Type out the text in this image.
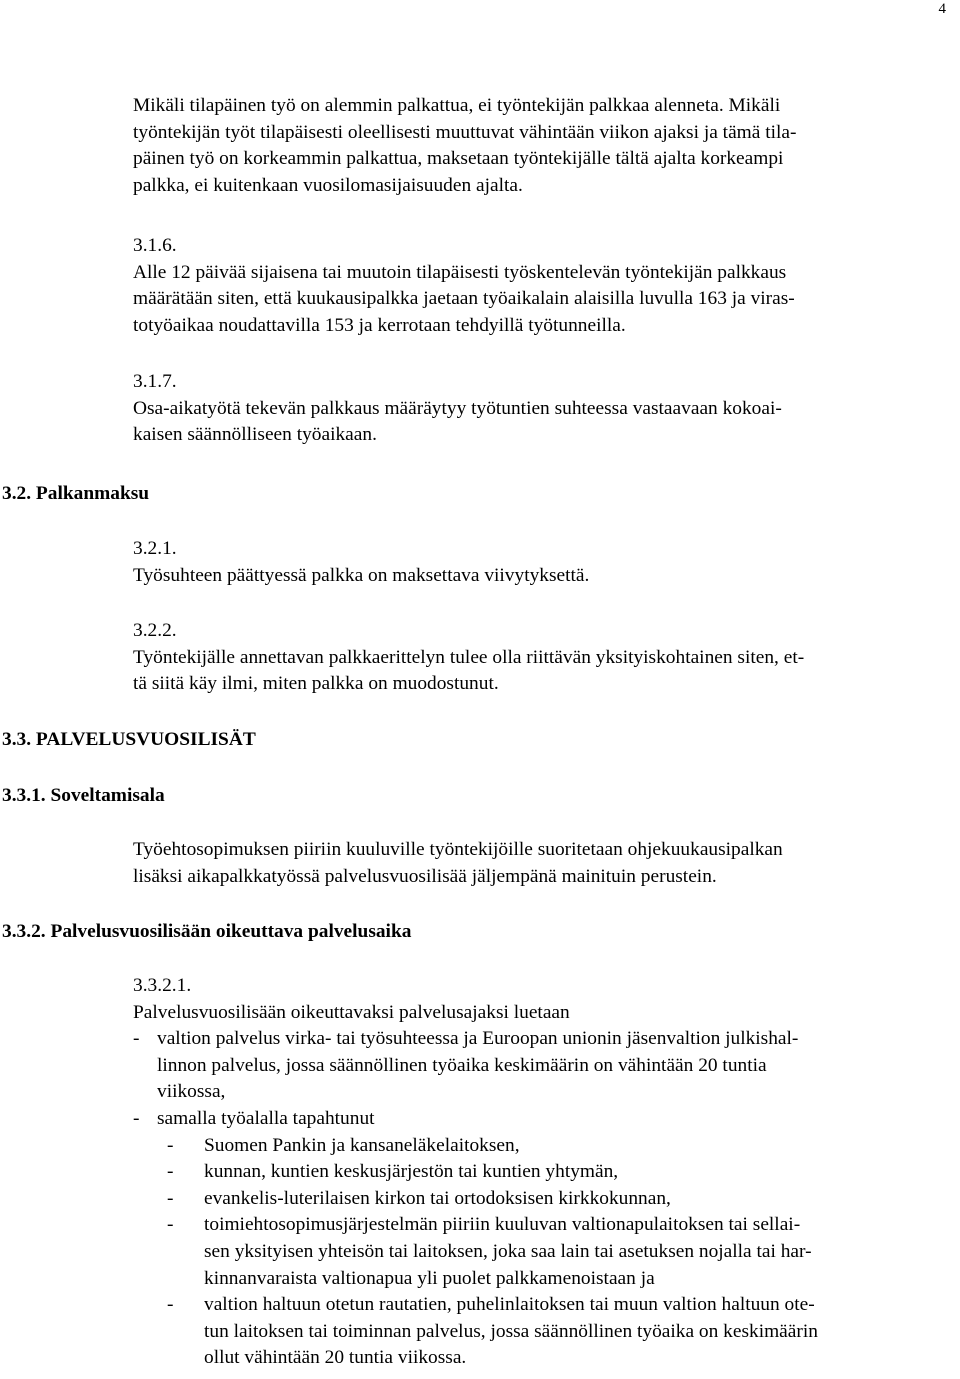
4
Mikäli tilapäinen työ on alemmin palkattua, ei työntekijän palkkaa alenneta. Mikäli
työntekijän työt tilapäisesti oleellisesti muuttuvat vähintään viikon ajaksi ja tämä tila-
päinen työ on korkeammin palkattua, maksetaan työntekijälle tältä ajalta korkeampi
palkka, ei kuitenkaan vuosilomasijaisuuden ajalta.
3.1.6.
Alle 12 päivää sijaisena tai muutoin tilapäisesti työskentelevän työntekijän palkkaus
määrätään siten, että kuukausipalkka jaetaan työaikalain alaisilla luvulla 163 ja viras-
totyöaikaa noudattavilla 153 ja kerrotaan tehdyillä työtunneilla.
3.1.7.
Osa-aikatyötä tekevän palkkaus määräytyy työtuntien suhteessa vastaavaan kokoai-
kaisen säännölliseen työaikaan.
3.2. Palkanmaksu
3.2.1.
Työsuhteen päättyessä palkka on maksettava viivytyksettä.
3.2.2.
Työntekijälle annettavan palkkaerittelyn tulee olla riittävän yksityiskohtainen siten, et-
tä siitä käy ilmi, miten palkka on muodostunut.
3.3. PALVELUSVUOSILISÄT
3.3.1. Soveltamisala
Työehtosopimuksen piiriin kuuluville työntekijöille suoritetaan ohjekuukausipalkan
lisäksi aikapalkkatyössä palvelusvuosilisää jäljempänä mainituin perustein.
3.3.2. Palvelusvuosilisään oikeuttava palvelusaika
3.3.2.1.
Palvelusvuosilisään oikeuttavaksi palvelusajaksi luetaan
- valtion palvelus virka- tai työsuhteessa ja Euroopan unionin jäsenvaltion julkishal-
linnon palvelus, jossa säännöllinen työaika keskimäärin on vähintään 20 tuntia
viikossa,
- samalla työalalla tapahtunut
-	Suomen Pankin ja kansaneläkelaitoksen,
-	kunnan, kuntien keskusjärjestön tai kuntien yhtymän,
-	evankelis-luterilaisen kirkon tai ortodoksisen kirkkokunnan,
-	toimiehtosopimusjärjestelmän piiriin kuuluvan valtionapulaitoksen tai sellai-
sen yksityisen yhteisön tai laitoksen, joka saa lain tai asetuksen nojalla tai har-
kinnanvaraista valtionapua yli puolet palkkamenoistaan ja
-	valtion haltuun otetun rautatien, puhelinlaitoksen tai muun valtion haltuun ote-
tun laitoksen tai toiminnan palvelus, jossa säännöllinen työaika on keskimäärin
ollut vähintään 20 tuntia viikossa.
